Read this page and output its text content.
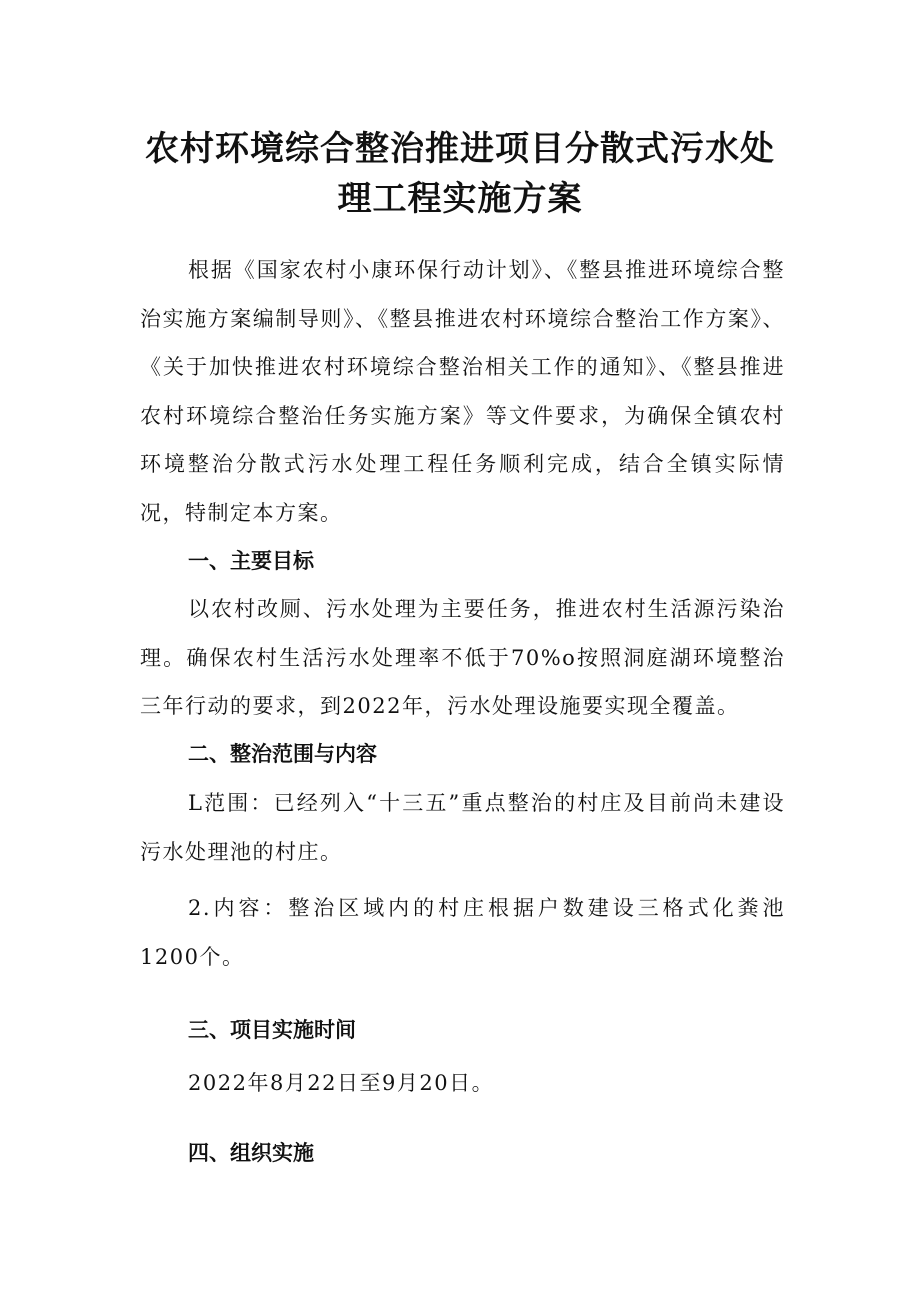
农村环境综合整治推进项目分散式污水处
理工程实施方案

根据《国家农村小康环保行动计划》、《整县推进环境综合整治实施方案编制导则》、《整县推进农村环境综合整治工作方案》、《关于加快推进农村环境综合整治相关工作的通知》、《整县推进农村环境综合整治任务实施方案》等文件要求，为确保全镇农村环境整治分散式污水处理工程任务顺利完成，结合全镇实际情况，特制定本方案。

一、主要目标

以农村改厕、污水处理为主要任务，推进农村生活源污染治理。确保农村生活污水处理率不低于70%o按照洞庭湖环境整治三年行动的要求，到2022年，污水处理设施要实现全覆盖。

二、整治范围与内容

L范围：已经列入“十三五”重点整治的村庄及目前尚未建设污水处理池的村庄。

2.内容：整治区域内的村庄根据户数建设三格式化粪池1200个。

三、项目实施时间

2022年8月22日至9月20日。

四、组织实施
